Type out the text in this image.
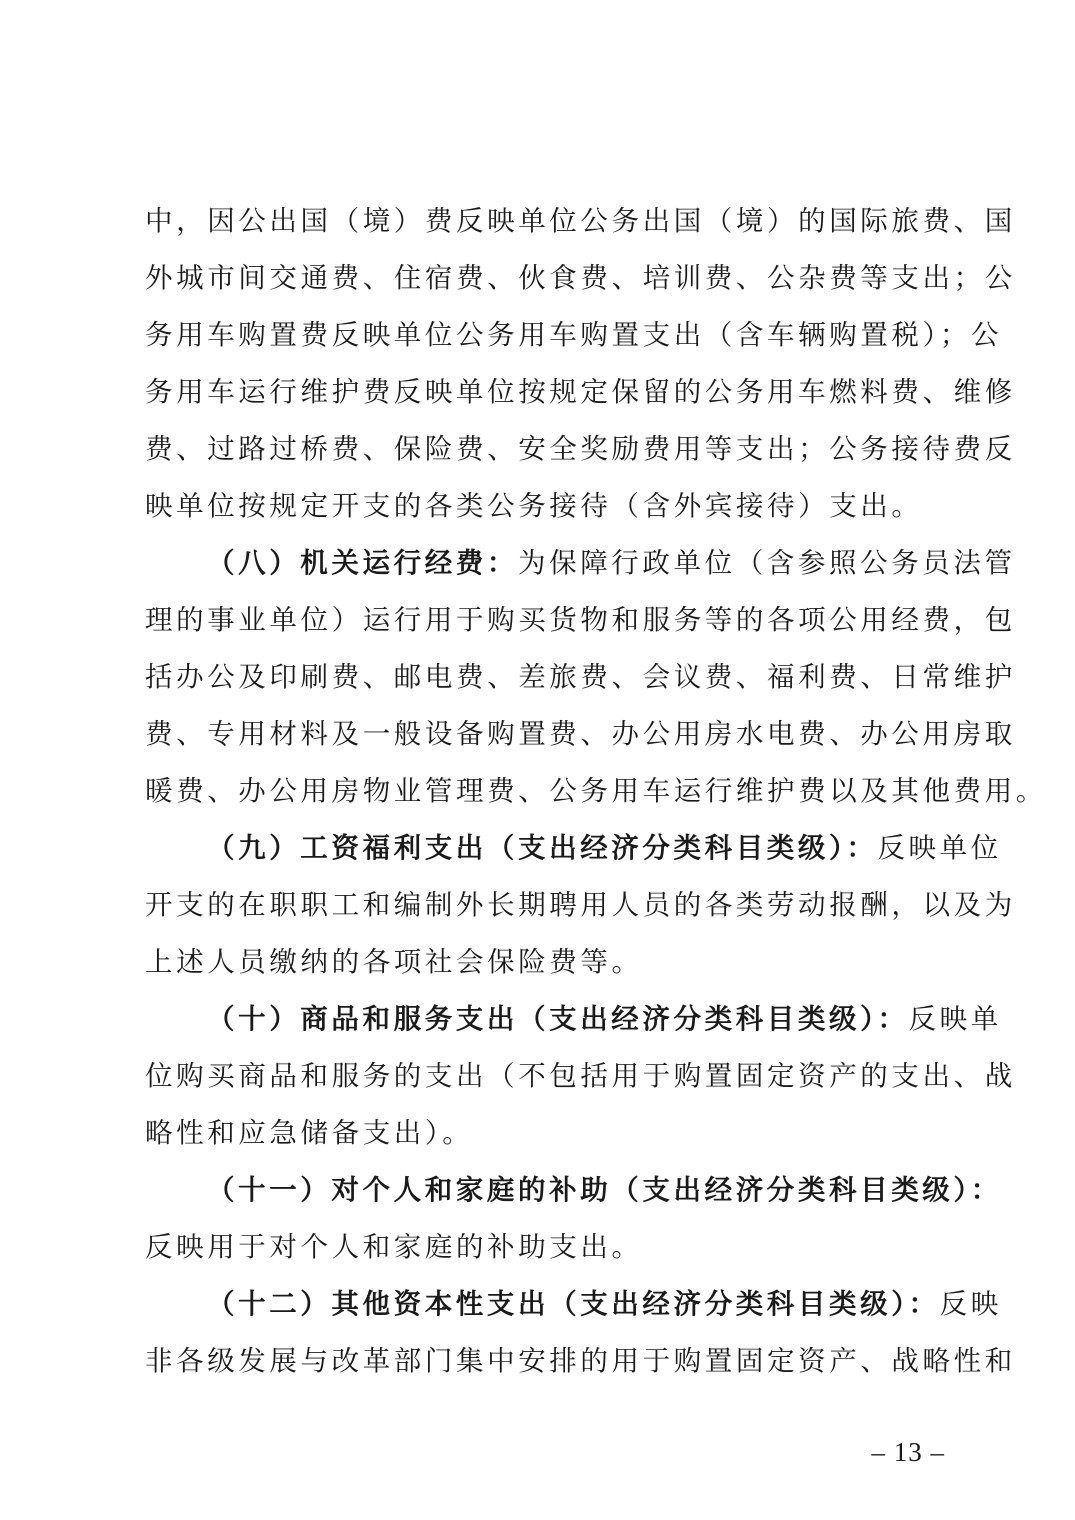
中，因公出国（境）费反映单位公务出国（境）的国际旅费、国
外城市间交通费、住宿费、伙食费、培训费、公杂费等支出；公
务用车购置费反映单位公务用车购置支出（含车辆购置税）；公
务用车运行维护费反映单位按规定保留的公务用车燃料费、维修
费、过路过桥费、保险费、安全奖励费用等支出；公务接待费反
映单位按规定开支的各类公务接待（含外宾接待）支出。
（八）机关运行经费：为保障行政单位（含参照公务员法管
理的事业单位）运行用于购买货物和服务等的各项公用经费，包
括办公及印刷费、邮电费、差旅费、会议费、福利费、日常维护
费、专用材料及一般设备购置费、办公用房水电费、办公用房取
暖费、办公用房物业管理费、公务用车运行维护费以及其他费用。
（九）工资福利支出（支出经济分类科目类级）：反映单位
开支的在职职工和编制外长期聘用人员的各类劳动报酬，以及为
上述人员缴纳的各项社会保险费等。
（十）商品和服务支出（支出经济分类科目类级）：反映单
位购买商品和服务的支出（不包括用于购置固定资产的支出、战
略性和应急储备支出）。
（十一）对个人和家庭的补助（支出经济分类科目类级）：
反映用于对个人和家庭的补助支出。
（十二）其他资本性支出（支出经济分类科目类级）：反映
非各级发展与改革部门集中安排的用于购置固定资产、战略性和
– 13 –
